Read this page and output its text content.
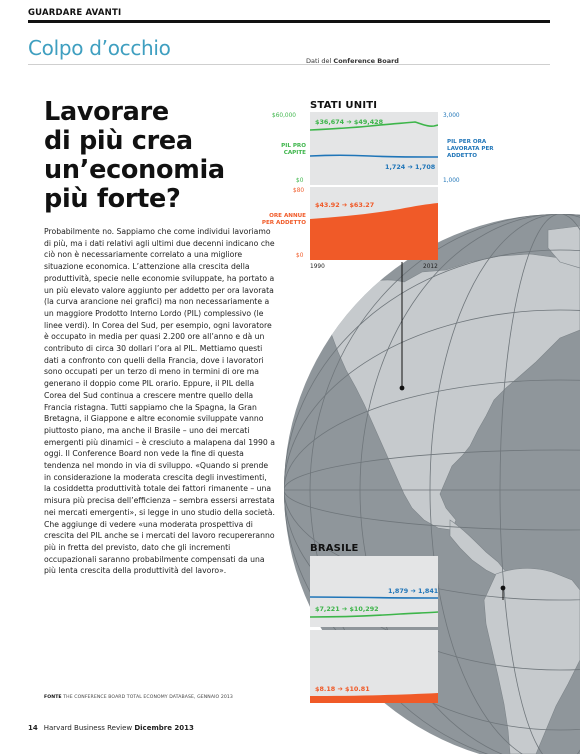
GUARDARE AVANTI
Colpo d’occhio
Dati del Conference Board
Lavorare
di più crea
un’economia
più forte?

Probabilmente no. Sappiamo che come individui lavoriamo di più, ma i dati relativi agli ultimi due decenni indicano che ciò non è necessariamente correlato a una migliore situazione economica. L’attenzione alla crescita della produttività, specie nelle economie sviluppate, ha portato a un più elevato valore aggiunto per addetto per ora lavorata (la curva arancione nei grafici) ma non necessariamente a un maggiore Prodotto Interno Lordo (PIL) complessivo (le linee verdi). In Corea del Sud, per esempio, ogni lavoratore è occupato in media per quasi 2.200 ore all’anno e dà un contributo di circa 30 dollari l’ora al PIL. Mettiamo questi dati a confronto con quelli della Francia, dove i lavoratori sono occupati per un terzo di meno in termini di ore ma generano il doppio come PIL orario. Eppure, il PIL della Corea del Sud continua a crescere mentre quello della Francia ristagna. Tutti sappiamo che la Spagna, la Gran Bretagna, il Giappone e altre economie sviluppate vanno piuttosto piano, ma anche il Brasile – uno dei mercati emergenti più dinamici – è cresciuto a malapena dal 1990 a oggi. Il Conference Board non vede la fine di questa tendenza nel mondo in via di sviluppo. «Quando si prende in considerazione la moderata crescita degli investimenti, la cosiddetta produttività totale dei fattori rimanente – una misura più precisa dell’efficienza – sembra essersi arrestata nei mercati emergenti», si legge in uno studio della società. Che aggiunge di vedere «una moderata prospettiva di crescita del PIL anche se i mercati del lavoro recupereranno più in fretta del previsto, dato che gli incrementi occupazionali saranno probabilmente compensati da una più lenta crescita della produttività del lavoro».

FONTE THE CONFERENCE BOARD TOTAL ECONOMY DATABASE, GENNAIO 2013
14 Harvard Business Review Dicembre 2013
STATI UNITI
$36,674 ➔ $49,428
1,724 ➔ 1,708
$60,000
$0
3,000
1,000
PIL PRO CAPITE
PIL PER ORA LAVORATA PER ADDETTO
$43.92 ➔ $63.27
$80
$0
ORE ANNUE PER ADDETTO
1990	2012
BRASILE
1,879 ➔ 1,841
$7,221 ➔ $10,292
$8.18 ➔ $10.81
